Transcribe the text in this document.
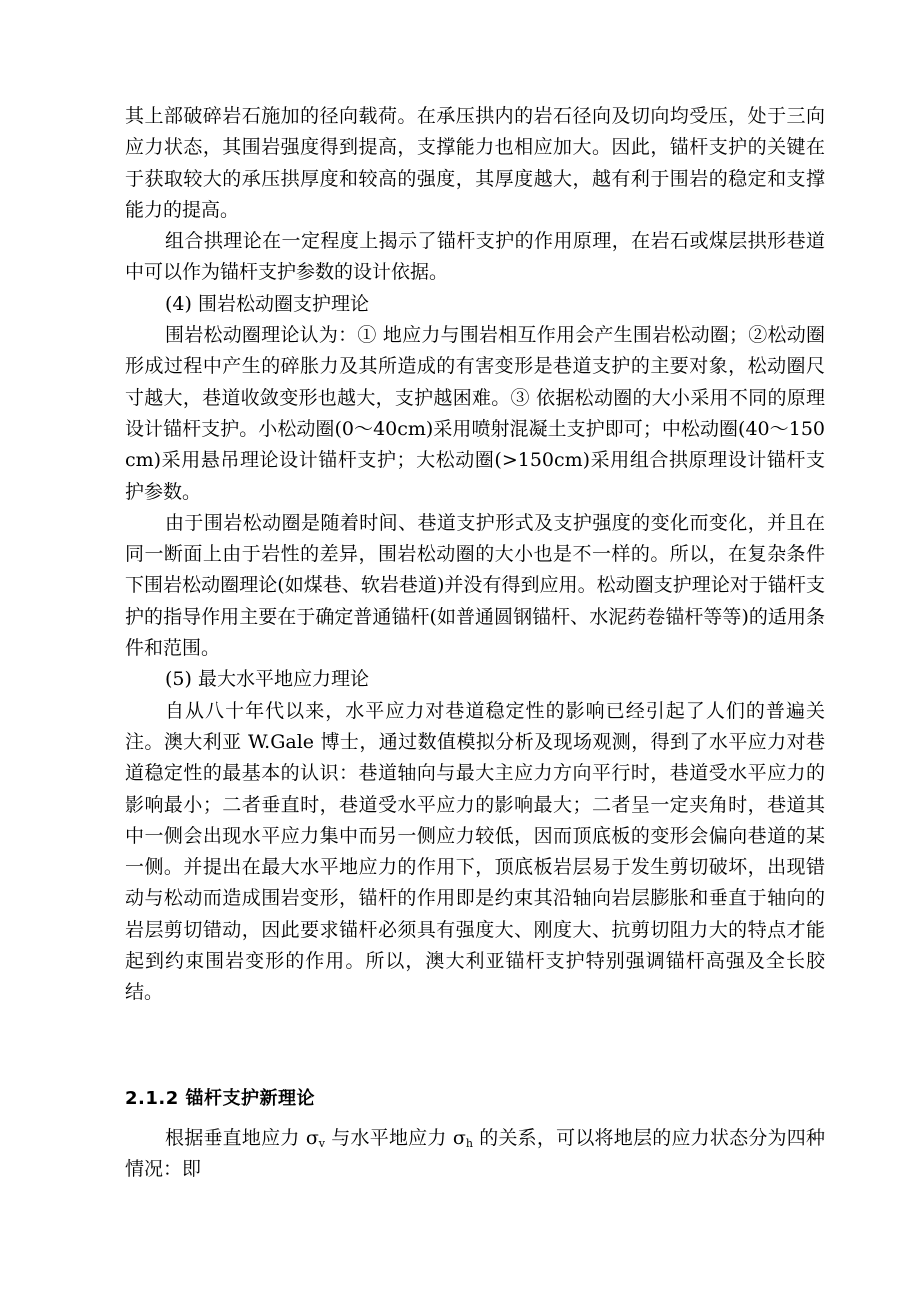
其上部破碎岩石施加的径向载荷。在承压拱内的岩石径向及切向均受压，处于三向应力状态，其围岩强度得到提高，支撑能力也相应加大。因此，锚杆支护的关键在于获取较大的承压拱厚度和较高的强度，其厚度越大，越有利于围岩的稳定和支撑能力的提高。

组合拱理论在一定程度上揭示了锚杆支护的作用原理，在岩石或煤层拱形巷道中可以作为锚杆支护参数的设计依据。

(4) 围岩松动圈支护理论

围岩松动圈理论认为：① 地应力与围岩相互作用会产生围岩松动圈；②松动圈形成过程中产生的碎胀力及其所造成的有害变形是巷道支护的主要对象，松动圈尺寸越大，巷道收敛变形也越大，支护越困难。③ 依据松动圈的大小采用不同的原理设计锚杆支护。小松动圈(0～40cm)采用喷射混凝土支护即可；中松动圈(40～150cm)采用悬吊理论设计锚杆支护；大松动圈(>150cm)采用组合拱原理设计锚杆支护参数。

由于围岩松动圈是随着时间、巷道支护形式及支护强度的变化而变化，并且在同一断面上由于岩性的差异，围岩松动圈的大小也是不一样的。所以，在复杂条件下围岩松动圈理论(如煤巷、软岩巷道)并没有得到应用。松动圈支护理论对于锚杆支护的指导作用主要在于确定普通锚杆(如普通圆钢锚杆、水泥药卷锚杆等等)的适用条件和范围。

(5) 最大水平地应力理论

自从八十年代以来，水平应力对巷道稳定性的影响已经引起了人们的普遍关注。澳大利亚 W.Gale 博士，通过数值模拟分析及现场观测，得到了水平应力对巷道稳定性的最基本的认识：巷道轴向与最大主应力方向平行时，巷道受水平应力的影响最小；二者垂直时，巷道受水平应力的影响最大；二者呈一定夹角时，巷道其中一侧会出现水平应力集中而另一侧应力较低，因而顶底板的变形会偏向巷道的某一侧。并提出在最大水平地应力的作用下，顶底板岩层易于发生剪切破坏，出现错动与松动而造成围岩变形，锚杆的作用即是约束其沿轴向岩层膨胀和垂直于轴向的岩层剪切错动，因此要求锚杆必须具有强度大、刚度大、抗剪切阻力大的特点才能起到约束围岩变形的作用。所以，澳大利亚锚杆支护特别强调锚杆高强及全长胶结。

2.1.2 锚杆支护新理论

根据垂直地应力 $\sigma_v$ 与水平地应力 $\sigma_h$ 的关系，可以将地层的应力状态分为四种情况：即
